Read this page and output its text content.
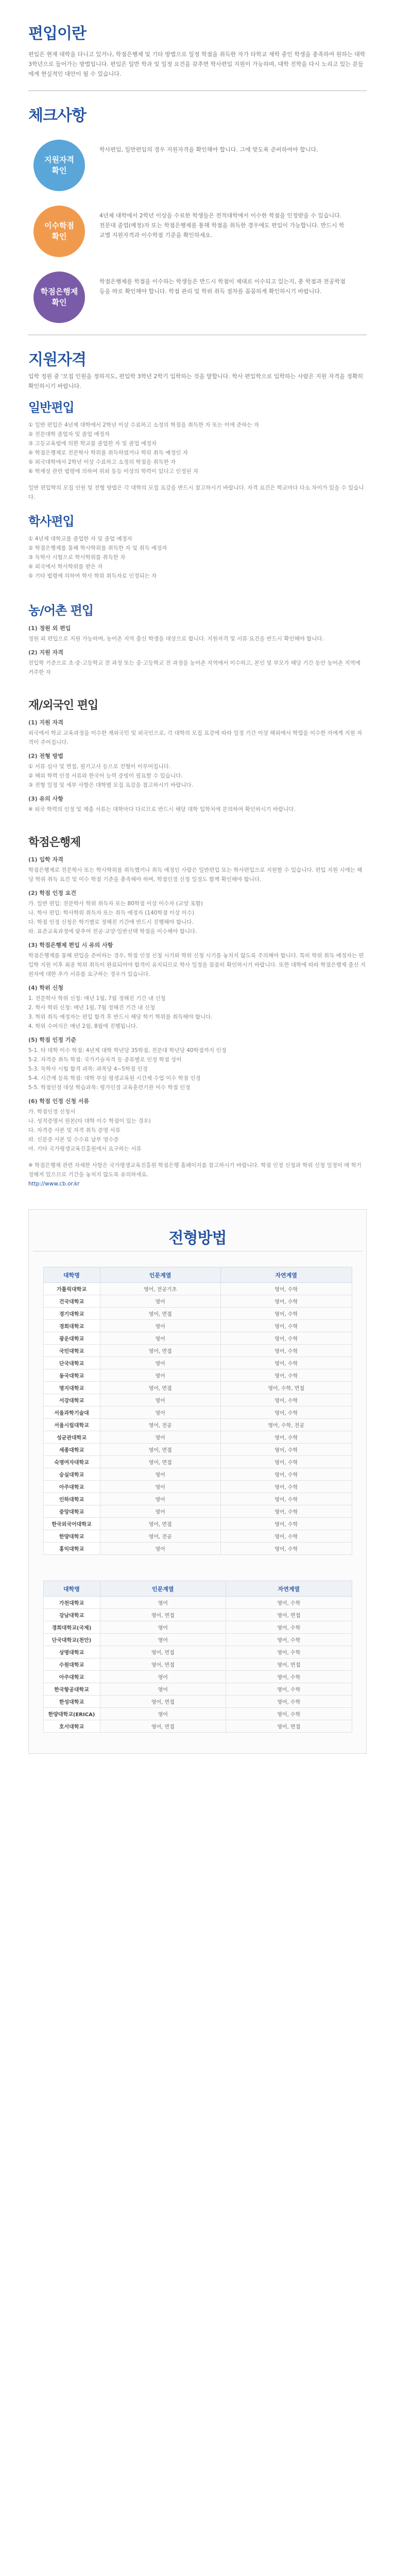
편입이란

편입은 현재 대학을 다니고 있거나, 학점은행제 및 기타 방법으로 일정 학점을 취득한 자가 타학교 재학 중인 학생을 충족하여 원하는 대학 3학년으로 들어가는 방법입니다. 편입은 일반 학과 및 일정 요건을 갖추면 학사편입 지원이 가능하며, 대학 진학을 다시 노리고 있는 분들에게 현실적인 대안이 될 수 있습니다.

체크사항
지원자격
확인

학사편입, 일반편입의 경우 지원자격을 확인해야 합니다. 그에 맞도록 준비하여야 합니다.

이수학점
확인

4년제 대학에서 2학년 이상을 수료한 학생들은 전적대학에서 이수한 학점을 인정받을 수 있습니다. 전문대 졸업(예정)자 또는 학점은행제를 통해 학점을 취득한 경우에도 편입이 가능합니다. 반드시 학교별 지원자격과 이수학점 기준을 확인하세요.

학점은행제
확인

학점은행제를 학점을 이수하는 학생들은 반드시 학점이 제대로 이수되고 있는지, 총 학점과 전공학점 등을 따로 확인해야 합니다. 학점 관리 및 학위 취득 절차를 꼼꼼하게 확인하시기 바랍니다.

지원자격

입학 정원 중 '모집 인원을 정하지도, 편입학 3학년 2학기 입학하는 것을 말합니다. 학사 편입학으로 입학하는 사람은 지원 자격을 정확히 확인하시기 바랍니다.

일반편입

① 일반 편입은 4년제 대학에서 2학년 이상 수료하고 소정의 학점을 취득한 자 또는 이에 준하는 자

② 전문대학 졸업자 및 졸업 예정자

③ 고등교육법에 의한 학교를 졸업한 자 및 졸업 예정자

④ 학점은행제로 전문학사 학위를 취득하였거나 학위 취득 예정인 자

⑤ 외국대학에서 2학년 이상 수료하고 소정의 학점을 취득한 자

⑥ 학제상 관련 법령에 의하여 위와 동등 이상의 학력이 있다고 인정된 자

일반 편입학의 모집 인원 및 전형 방법은 각 대학의 모집 요강을 반드시 참고하시기 바랍니다. 자격 요건은 학교마다 다소 차이가 있을 수 있습니다.

학사편입

① 4년제 대학교를 졸업한 자 및 졸업 예정자

② 학점은행제를 통해 학사학위를 취득한 자 및 취득 예정자

③ 독학사 시험으로 학사학위를 취득한 자

④ 외국에서 학사학위를 받은 자

⑤ 기타 법령에 의하여 학사 학위 취득자로 인정되는 자

농/어촌 편입

(1) 정원 외 편입

정원 외 편입으로 지원 가능하며, 농어촌 지역 출신 학생을 대상으로 합니다. 지원자격 및 서류 요건을 반드시 확인해야 합니다.

(2) 지원 자격

전입학 기준으로 초·중·고등학교 전 과정 또는 중·고등학교 전 과정을 농어촌 지역에서 이수하고, 본인 및 부모가 해당 기간 동안 농어촌 지역에 거주한 자

재/외국인 편입

(1) 지원 자격

외국에서 학교 교육과정을 이수한 재외국민 및 외국인으로, 각 대학의 모집 요강에 따라 일정 기간 이상 해외에서 학업을 이수한 자에게 지원 자격이 주어집니다.

(2) 전형 방법

① 서류 심사 및 면접, 필기고사 등으로 전형이 이루어집니다.

② 해외 학력 인정 서류와 한국어 능력 증빙이 필요할 수 있습니다.

③ 전형 일정 및 세부 사항은 대학별 모집 요강을 참고하시기 바랍니다.

(3) 유의 사항

※ 외국 학력의 인정 및 제출 서류는 대학마다 다르므로 반드시 해당 대학 입학처에 문의하여 확인하시기 바랍니다.

학점은행제

(1) 입학 자격

학점은행제로 전문학사 또는 학사학위를 취득했거나 취득 예정인 사람은 일반편입 또는 학사편입으로 지원할 수 있습니다. 편입 지원 시에는 해당 학위 취득 요건 및 이수 학점 기준을 충족해야 하며, 학점인정 신청 일정도 함께 확인해야 합니다.

(2) 학점 인정 요건

가. 일반 편입: 전문학사 학위 취득자 또는 80학점 이상 이수자 (교양 포함)

나. 학사 편입: 학사학위 취득자 또는 취득 예정자 (140학점 이상 이수)

다. 학점 인정 신청은 학기별로 정해진 기간에 반드시 진행해야 합니다.

라. 표준교육과정에 맞추어 전공·교양·일반선택 학점을 이수해야 합니다.

(3) 학점은행제 편입 시 유의 사항

학점은행제를 통해 편입을 준비하는 경우, 학점 인정 신청 시기와 학위 신청 시기를 놓치지 않도록 주의해야 합니다. 특히 학위 취득 예정자는 편입학 지원 이후 최종 학위 취득이 완료되어야 합격이 유지되므로 학사 일정을 꼼꼼히 확인하시기 바랍니다. 또한 대학에 따라 학점은행제 출신 지원자에 대한 추가 서류를 요구하는 경우가 있습니다.

(4) 학위 신청

1. 전문학사 학위 신청: 매년 1월, 7월 정해진 기간 내 신청

2. 학사 학위 신청: 매년 1월, 7월 정해진 기간 내 신청

3. 학위 취득 예정자는 편입 합격 후 반드시 해당 학기 학위를 취득해야 합니다.

4. 학위 수여식은 매년 2월, 8월에 진행됩니다.

(5) 학점 인정 기준

5-1. 타 대학 이수 학점: 4년제 대학 학년당 35학점, 전문대 학년당 40학점까지 인정

5-2. 자격증 취득 학점: 국가기술자격 등 종류별로 인정 학점 상이

5-3. 독학사 시험 합격 과목: 과목당 4~5학점 인정

5-4. 시간제 등록 학점: 대학 부설 평생교육원 시간제 수업 이수 학점 인정

5-5. 학점인정 대상 학습과목: 평가인정 교육훈련기관 이수 학점 인정

(6) 학점 인정 신청 서류

가. 학점인정 신청서

나. 성적증명서 원본(타 대학 이수 학점이 있는 경우)

다. 자격증 사본 및 자격 취득 증명 서류

라. 신분증 사본 및 수수료 납부 영수증

마. 기타 국가평생교육진흥원에서 요구하는 서류

※ 학점은행제 관련 자세한 사항은 국가평생교육진흥원 학점은행 홈페이지를 참고하시기 바랍니다. 학점 인정 신청과 학위 신청 일정이 매 학기 정해져 있으므로 기간을 놓치지 않도록 유의하세요.

http://www.cb.or.kr

전형방법
대학명	인문계열	자연계열
가톨릭대학교	영어, 전공기초	영어, 수학
건국대학교	영어	영어, 수학
경기대학교	영어, 면접	영어, 수학
경희대학교	영어	영어, 수학
광운대학교	영어	영어, 수학
국민대학교	영어, 면접	영어, 수학
단국대학교	영어	영어, 수학
동국대학교	영어	영어, 수학
명지대학교	영어, 면접	영어, 수학, 면접
서강대학교	영어	영어, 수학
서울과학기술대	영어	영어, 수학
서울시립대학교	영어, 전공	영어, 수학, 전공
성균관대학교	영어	영어, 수학
세종대학교	영어, 면접	영어, 수학
숙명여자대학교	영어, 면접	영어, 수학
숭실대학교	영어	영어, 수학
아주대학교	영어	영어, 수학
인하대학교	영어	영어, 수학
중앙대학교	영어	영어, 수학
한국외국어대학교	영어, 면접	영어, 수학
한양대학교	영어, 전공	영어, 수학
홍익대학교	영어	영어, 수학
대학명	인문계열	자연계열
가천대학교	영어	영어, 수학
강남대학교	영어, 면접	영어, 면접
경희대학교(국제)	영어	영어, 수학
단국대학교(천안)	영어	영어, 수학
상명대학교	영어, 면접	영어, 수학
수원대학교	영어, 면접	영어, 면접
아주대학교	영어	영어, 수학
한국항공대학교	영어	영어, 수학
한성대학교	영어, 면접	영어, 수학
한양대학교(ERICA)	영어	영어, 수학
호서대학교	영어, 면접	영어, 면접
